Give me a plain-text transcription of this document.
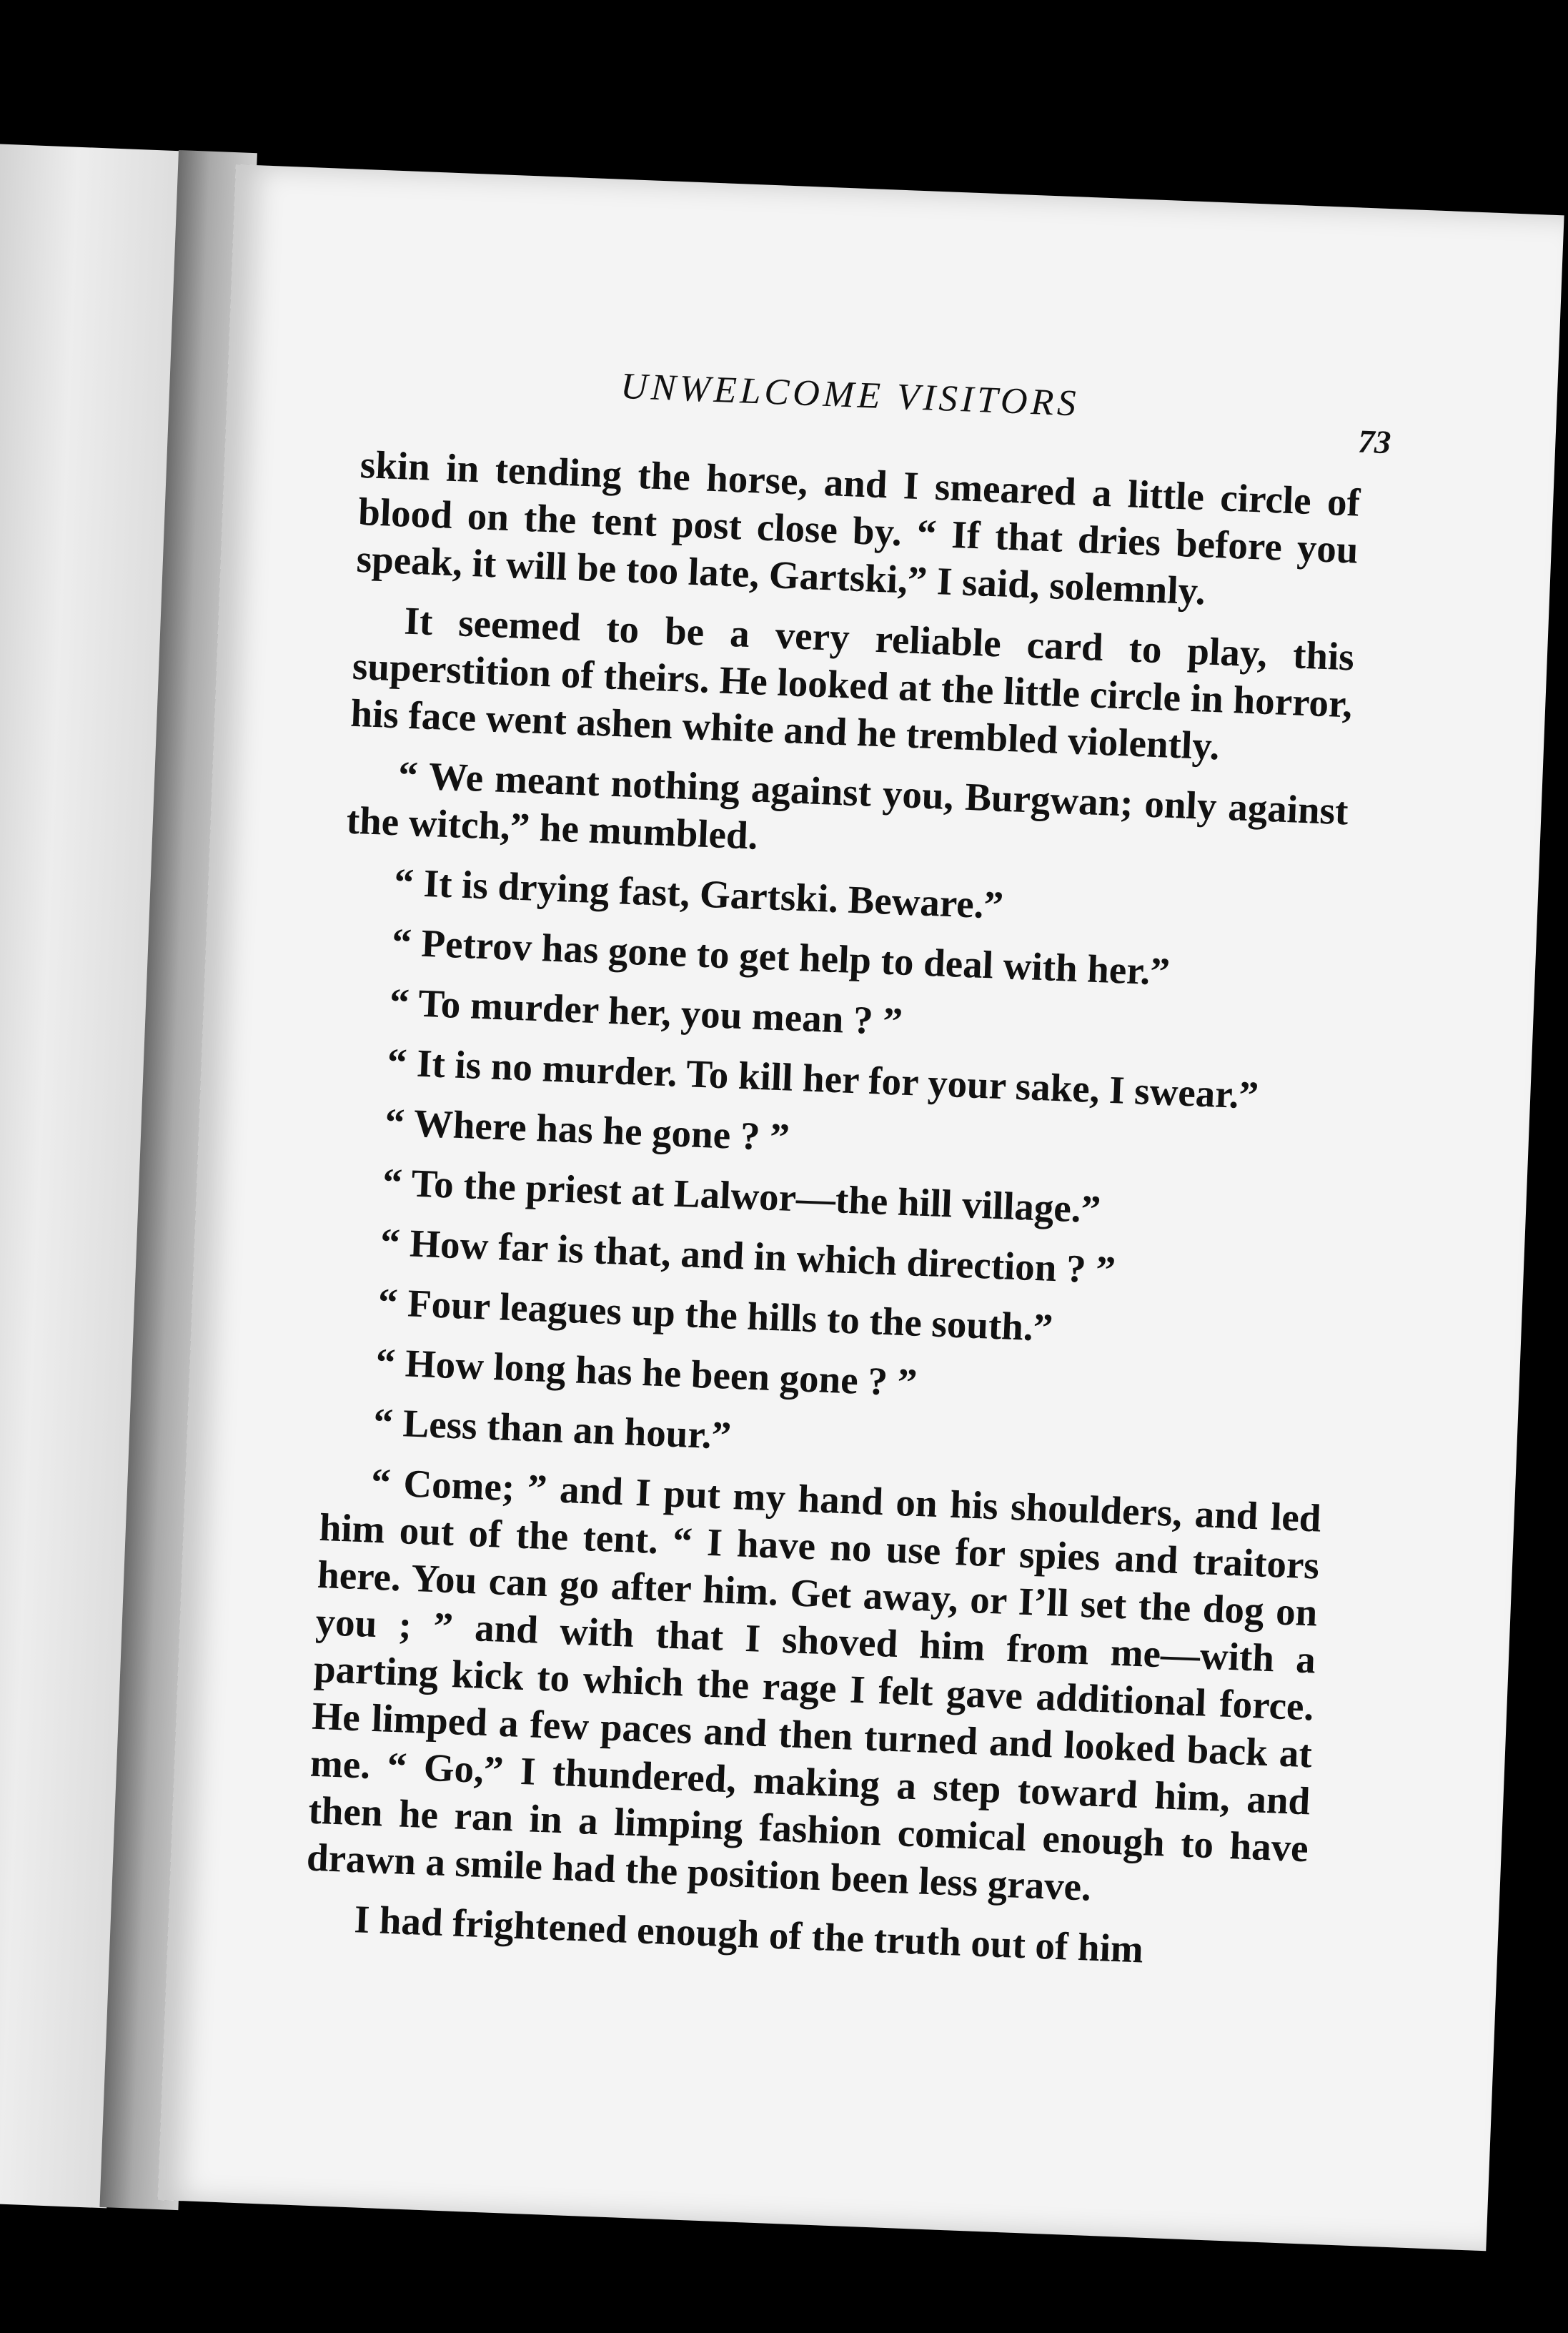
UNWELCOME VISITORS
73

skin in tending the horse, and I smeared a little circle of blood on the tent post close by. “ If that dries before you speak, it will be too late, Gartski,” I said, solemnly.

It seemed to be a very reliable card to play, this superstition of theirs. He looked at the little circle in horror, his face went ashen white and he trembled violently.

“ We meant nothing against you, Burgwan; only against the witch,” he mumbled.

“ It is drying fast, Gartski. Beware.”

“ Petrov has gone to get help to deal with her.”

“ To murder her, you mean ? ”

“ It is no murder. To kill her for your sake, I swear.”

“ Where has he gone ? ”

“ To the priest at Lalwor—the hill village.”

“ How far is that, and in which direction ? ”

“ Four leagues up the hills to the south.”

“ How long has he been gone ? ”

“ Less than an hour.”

“ Come; ” and I put my hand on his shoulders, and led him out of the tent. “ I have no use for spies and traitors here. You can go after him. Get away, or I’ll set the dog on you ; ” and with that I shoved him from me—with a parting kick to which the rage I felt gave additional force. He limped a few paces and then turned and looked back at me. “ Go,” I thundered, making a step toward him, and then he ran in a limping fashion comical enough to have drawn a smile had the position been less grave.

I had frightened enough of the truth out of him
